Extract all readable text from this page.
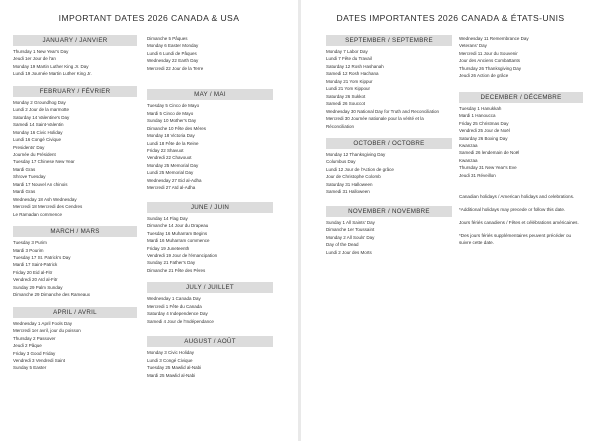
IMPORTANT DATES 2026 CANADA & USA
JANUARY / JANVIER
Thursday 1 New Year's Day
Jeudi 1er Jour de l'an
Monday 19 Martin Luther King Jr. Day
Lundi 19 Journée Martin Luther King Jr.
FEBRUARY / FÉVRIER
Monday 2 Groundhog Day
Lundi 2 Jour de la marmotte
Saturday 14 Valentine's Day
Samedi 14 Saint-Valentin
Monday 16 Civic Holiday
Lundi 16 Congé Civique
Presidents' Day
Journée du Président
Tuesday 17 Chinese New Year
Mardi Gras
Shrove Tuesday
Mardi 17 Nouvel An chinois
Mardi Gras
Wednesday 18 Ash Wednesday
Mercredi 18 Mercredi des Cendres
Le Ramadan commence
MARCH / MARS
Tuesday 3 Purim
Mardi 3 Pourim
Tuesday 17 St. Patrick's Day
Mardi 17 Saint-Patrick
Friday 20 Eid al-Fitr
Vendredi 20 Aïd al-Fitr
Sunday 29 Palm Sunday
Dimanche 29 Dimanche des Rameaux
APRIL / AVRIL
Wednesday 1 April Fools Day
Mercredi 1er avril, jour du poisson
Thursday 2 Passover
Jeudi 2 Pâque
Friday 3 Good Friday
Vendredi 3 Vendredi Saint
Sunday 5 Easter
Dimanche 5 Pâques
Monday 6 Easter Monday
Lundi 6 Lundi de Pâques
Wednesday 22 Earth Day
Mercredi 22 Jour de la Terre
MAY / MAI
Tuesday 5 Cinco de Mayo
Mardi 5 Cinco de Mayo
Sunday 10 Mother's Day
Dimanche 10 Fête des Mères
Monday 18 Victoria Day
Lundi 18 Fête de la Reine
Friday 22 Shavuot
Vendredi 22 Chavouot
Monday 25 Memorial Day
Lundi 25 Memorial Day
Wednesday 27 Eid al-Adha
Mercredi 27 Aïd al-Adha
JUNE / JUIN
Sunday 14 Flag Day
Dimanche 14 Jour du Drapeau
Tuesday 16 Muharram Begins
Mardi 16 Muharram commence
Friday 19 Juneteenth
Vendredi 19 Jour de l'émancipation
Sunday 21 Father's Day
Dimanche 21 Fête des Pères
JULY / JUILLET
Wednesday 1 Canada Day
Mercredi 1 Fête du Canada
Saturday 4 Independence Day
Samedi 4 Jour de l'Indépendance
AUGUST / AOÛT
Monday 3 Civic Holiday
Lundi 3 Congé Civique
Tuesday 25 Mawlid al-Nabi
Mardi 25 Mawlid al-Nabi
DATES IMPORTANTES 2026 CANADA & ÉTATS-UNIS
SEPTEMBER / SEPTEMBRE
Monday 7 Labor Day
Lundi 7 Fête du Travail
Saturday 12 Rosh Hashanah
Samedi 12 Rosh Hachana
Monday 21 Yom Kippur
Lundi 21 Yom Kippour
Saturday 26 Sukkot
Samedi 26 Souccot
Wednesday 30 National Day for Truth and Reconciliation
Mercredi 30 Journée nationale pour la vérité et la
Réconciliation
OCTOBER / OCTOBRE
Monday 12 Thanksgiving Day
Columbus Day
Lundi 12 Jour de l'Action de grâce
Jour de Christophe Colomb
Saturday 31 Halloween
Samedi 31 Halloween
NOVEMBER / NOVEMBRE
Sunday 1 All Saints' Day
Dimanche 1er Toussaint
Monday 2 All Souls' Day
Day of the Dead
Lundi 2 Jour des Morts
Wednesday 11 Remembrance Day
Veterans' Day
Mercredi 11 Jour du Souvenir
Jour des Anciens Combattants
Thursday 26 Thanksgiving Day
Jeudi 26 Action de grâce
DECEMBER / DÉCEMBRE
Tuesday 1 Hanukkah
Mardi 1 Hanoucca
Friday 25 Christmas Day
Vendredi 25 Jour de Noël
Saturday 26 Boxing Day
Kwanzaa
Samedi 26 lendemain de Noël
Kwanzaa
Thursday 31 New Year's Eve
Jeudi 31 Réveillon

Canadian holidays / American holidays and celebrations.

*Additional holidays may precede or follow this date.

Jours fériés canadiens / Fêtes et célébrations américaines.

*Des jours fériés supplémentaires peuvent précéder ou suivre cette date.
